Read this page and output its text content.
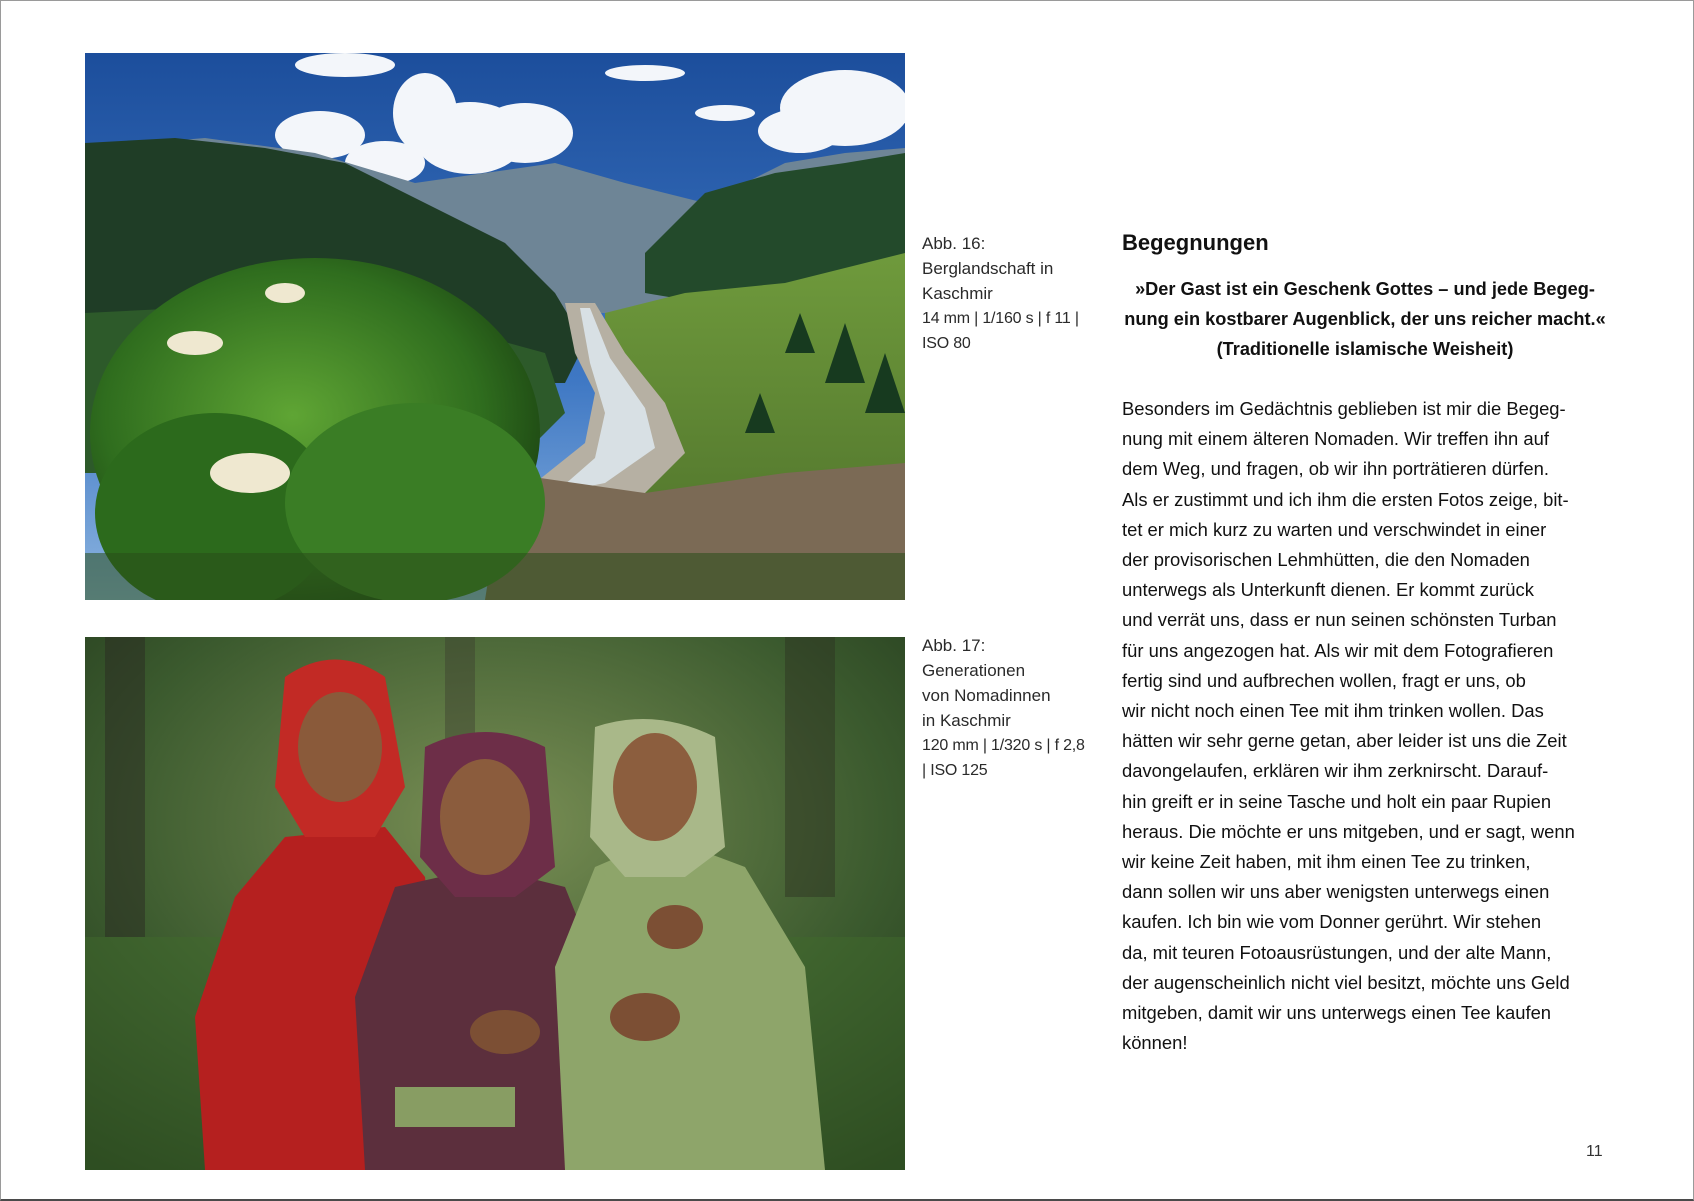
Abb. 16:
Berglandschaft in
Kaschmir
14 mm | 1/160 s | f 11 |
ISO 80
Abb. 17:
Generationen
von Nomadinnen
in Kaschmir
120 mm | 1/320 s | f 2,8
| ISO 125
Begegnungen
»Der Gast ist ein Geschenk Gottes – und jede Begeg-
nung ein kostbarer Augenblick, der uns reicher macht.«
(Traditionelle islamische Weisheit)
Besonders im Gedächtnis geblieben ist mir die Begeg-
nung mit einem älteren Nomaden. Wir treffen ihn auf
dem Weg, und fragen, ob wir ihn porträtieren dürfen.
Als er zustimmt und ich ihm die ersten Fotos zeige, bit-
tet er mich kurz zu warten und verschwindet in einer
der provisorischen Lehmhütten, die den Nomaden
unterwegs als Unterkunft dienen. Er kommt zurück
und verrät uns, dass er nun seinen schönsten Turban
für uns angezogen hat. Als wir mit dem Fotografieren
fertig sind und aufbrechen wollen, fragt er uns, ob
wir nicht noch einen Tee mit ihm trinken wollen. Das
hätten wir sehr gerne getan, aber leider ist uns die Zeit
davongelaufen, erklären wir ihm zerknirscht. Darauf-
hin greift er in seine Tasche und holt ein paar Rupien
heraus. Die möchte er uns mitgeben, und er sagt, wenn
wir keine Zeit haben, mit ihm einen Tee zu trinken,
dann sollen wir uns aber wenigsten unterwegs einen
kaufen. Ich bin wie vom Donner gerührt. Wir stehen
da, mit teuren Fotoausrüstungen, und der alte Mann,
der augenscheinlich nicht viel besitzt, möchte uns Geld
mitgeben, damit wir uns unterwegs einen Tee kaufen
können!
11
